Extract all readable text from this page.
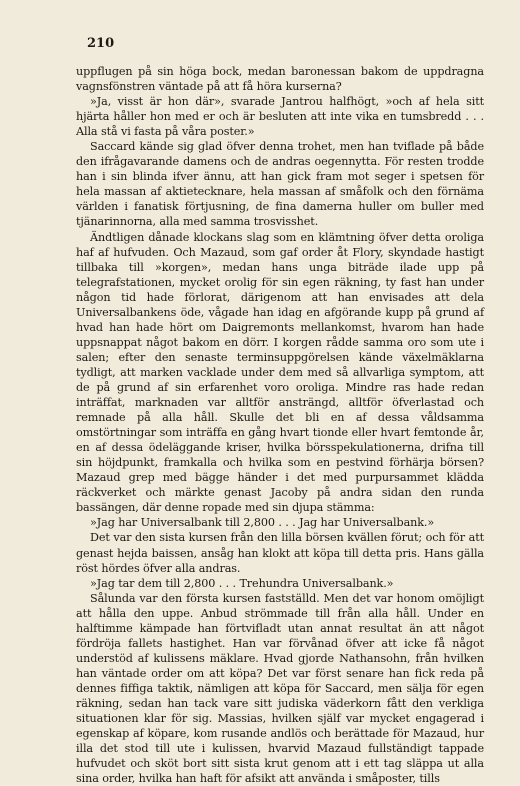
210

uppflugen på sin höga bock, medan baronessan bakom de uppdragna vagnsfönstren väntade på att få höra kurserna?

»Ja, visst är hon där», svarade Jantrou halfhögt, »och af hela sitt hjärta håller hon med er och är besluten att inte vika en tumsbredd . . . Alla stå vi fasta på våra poster.»

Saccard kände sig glad öfver denna trohet, men han tviflade på både den ifrågavarande damens och de andras oegennytta. För resten trodde han i sin blinda ifver ännu, att han gick fram mot seger i spetsen för hela massan af aktieteckn​are, hela massan af småfolk och den förnäma världen i fanatisk förtjusning, de fina damerna huller om buller med tjänarinnorna, alla med samma trosvisshet.

Ändtligen dånade klockans slag som en klämtning öfver detta oroliga haf af hufvuden. Och Mazaud, som gaf order åt Flory, skyndade hastigt tillbaka till »korgen», medan hans unga biträde ilade upp på telegrafstationen, mycket orolig för sin egen räkning, ty fast han under någon tid hade förlorat, därigenom att han envisades att dela Universalbankens öde, vågade han idag en afgörande kupp på grund af hvad han hade hört om Daigremonts mellankomst, hvarom han hade uppsnappat något bakom en dörr. I korgen rådde samma oro som ute i salen; efter den senaste terminsuppgörelsen kände växelmäklarna tydligt, att marken vacklade under dem med så allvarliga symptom, att de på grund af sin erfarenhet voro oroliga. Mindre ras hade redan inträffat, marknaden var alltför ansträngd, alltför öfverlastad och remnade på alla håll. Skulle det bli en af dessa våldsamma omstörtningar som inträffa en gång hvart tionde eller hvart femtonde år, en af dessa ödeläggande kriser, hvilka börsspekulationerna, drifna till sin höjdpunkt, framkalla och hvilka som en pestvind förhärja börsen? Mazaud grep med bägge händer i det med purpursammet klädda räckverket och märkte genast Jacoby på andra sidan den runda bassängen, där denne ropade med sin djupa stämma:

»Jag har Universalbank till 2,800 . . . Jag har Universalbank.»

Det var den sista kursen från den lilla börsen kvällen förut; och för att genast hejda baissen, ansåg han klokt att köpa till detta pris. Hans gälla röst hördes öfver alla andras.

»Jag tar dem till 2,800 . . . Trehundra Universalbank.»

Sålunda var den första kursen fastställd. Men det var honom omöjligt att hålla den uppe. Anbud strömmade till från alla håll. Under en halftimme kämpade han förtviflad​t utan annat resultat än att något fördröja fallets hastighet. Han var förvånad öfver att icke få något understöd af kulissens mäklare. Hvad gjorde Nathansohn, från hvilken han väntade order om att köpa? Det var först senare han fick reda på dennes fiffiga taktik, nämligen att köpa för Saccard, men sälja för egen räkning, sedan han tack vare sitt judiska väderkorn fått den verkliga situationen klar för sig. Massias, hvilken själf var mycket engagerad i egenskap af köpare, kom rusande andlös och berättade för Mazaud, hur illa det stod till ute i kulissen, hvarvid Mazaud fullständigt tappade hufvudet och sköt bort sitt sista krut genom att i ett tag släppa ut alla sina order, hvilka han haft för afsikt att använda i småposter, tills
